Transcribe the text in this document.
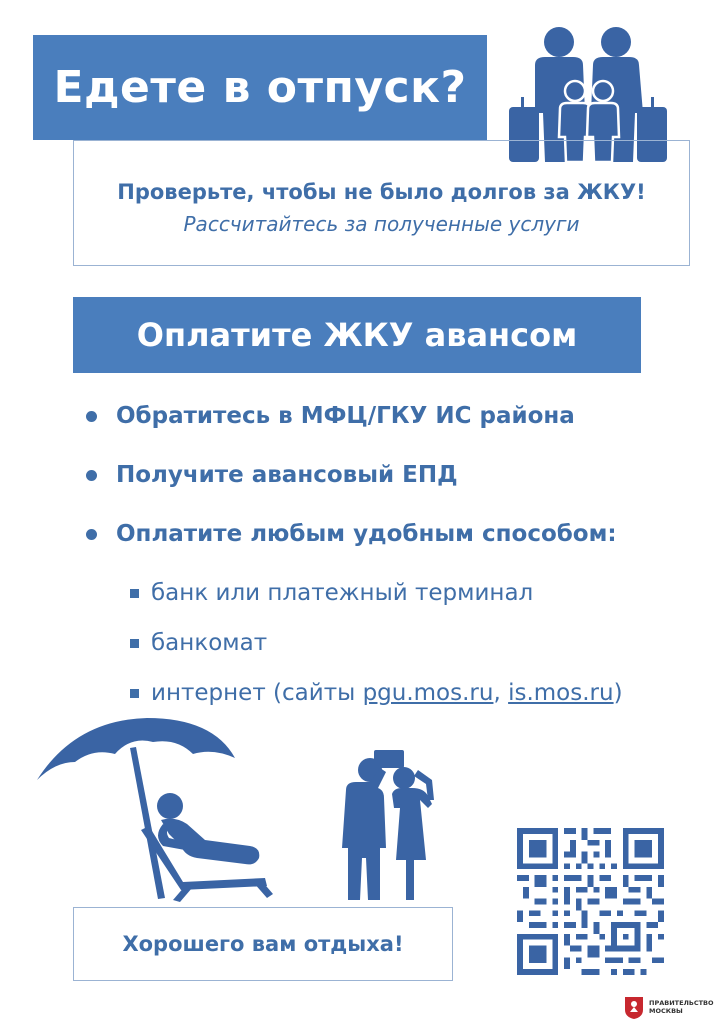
Едете в отпуск?
Проверьте, чтобы не было долгов за ЖКУ!
Рассчитайтесь за полученные услуги
Оплатите ЖКУ авансом
Обратитесь в МФЦ/ГКУ ИС района
Получите авансовый ЕПД
Оплатите любым удобным способом:
банк или платежный терминал
банкомат
интернет (сайты pgu.mos.ru, is.mos.ru)
Хорошего вам отдыха!
ПРАВИТЕЛЬСТВО
МОСКВЫ
